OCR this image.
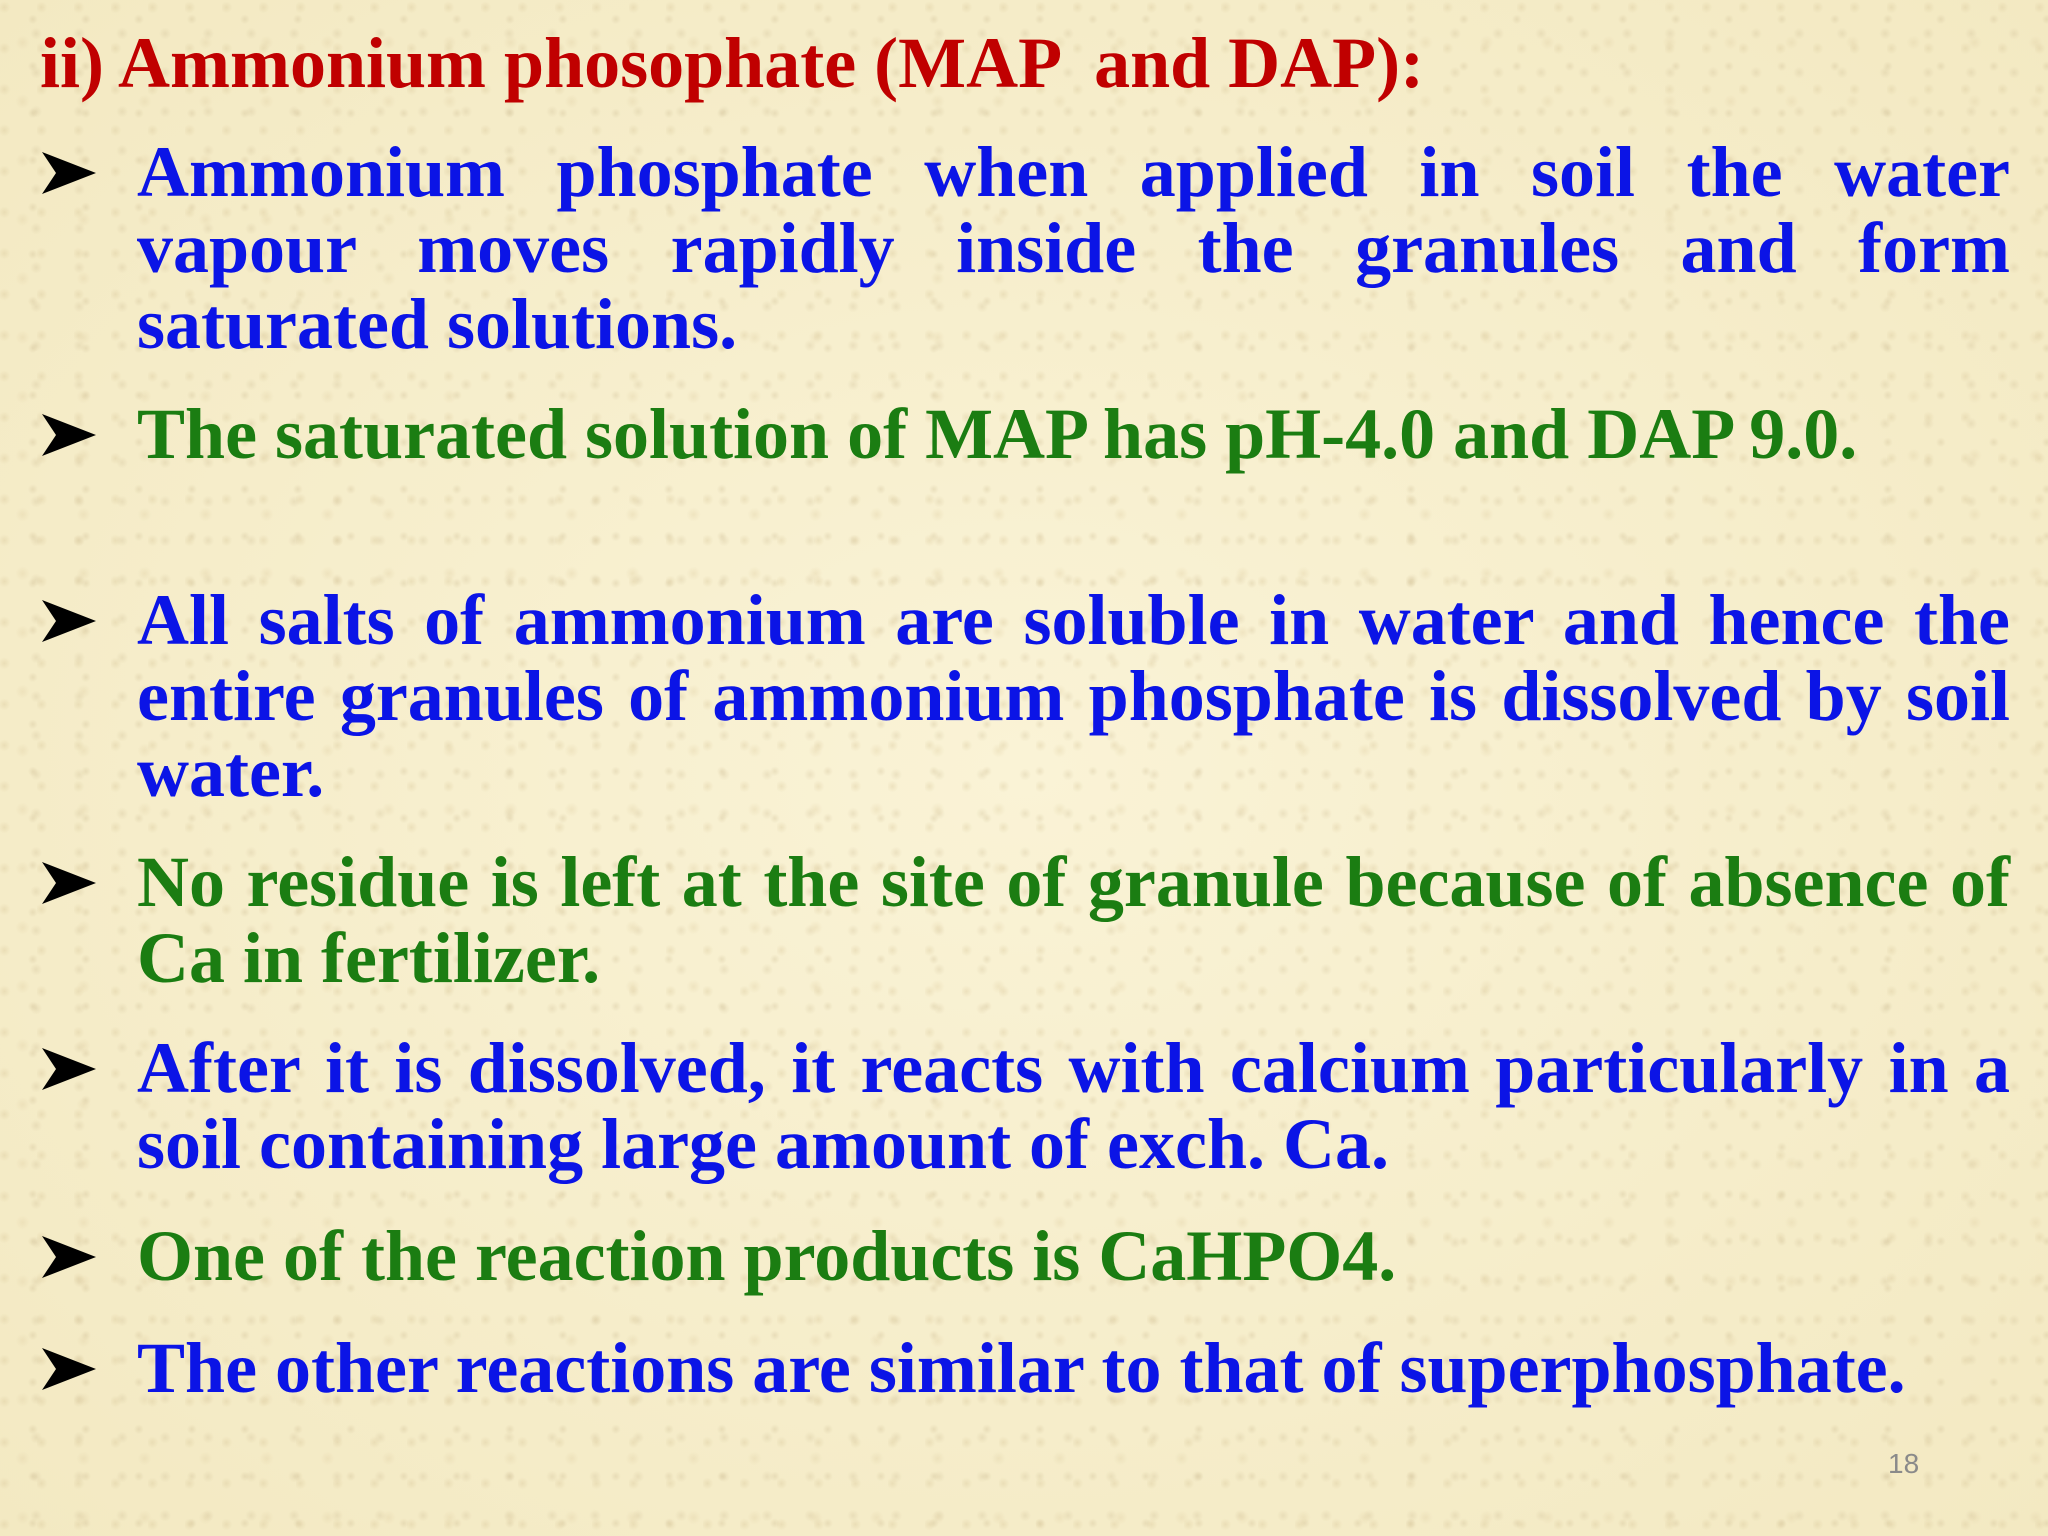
ii) Ammonium phosophate (MAP  and DAP):

Ammonium phosphate when applied in soil the water vapour moves rapidly inside the granules and form saturated solutions.

The saturated solution of MAP has pH-4.0 and DAP 9.0.

All salts of ammonium are soluble in water and hence the entire granules of ammonium phosphate is dissolved by soil water.

No residue is left at the site of granule because of absence of Ca in fertilizer.

After it is dissolved, it reacts with calcium particularly in a soil containing large amount of exch. Ca.

One of the reaction products is CaHPO4.

The other reactions are similar to that of superphosphate.

18
